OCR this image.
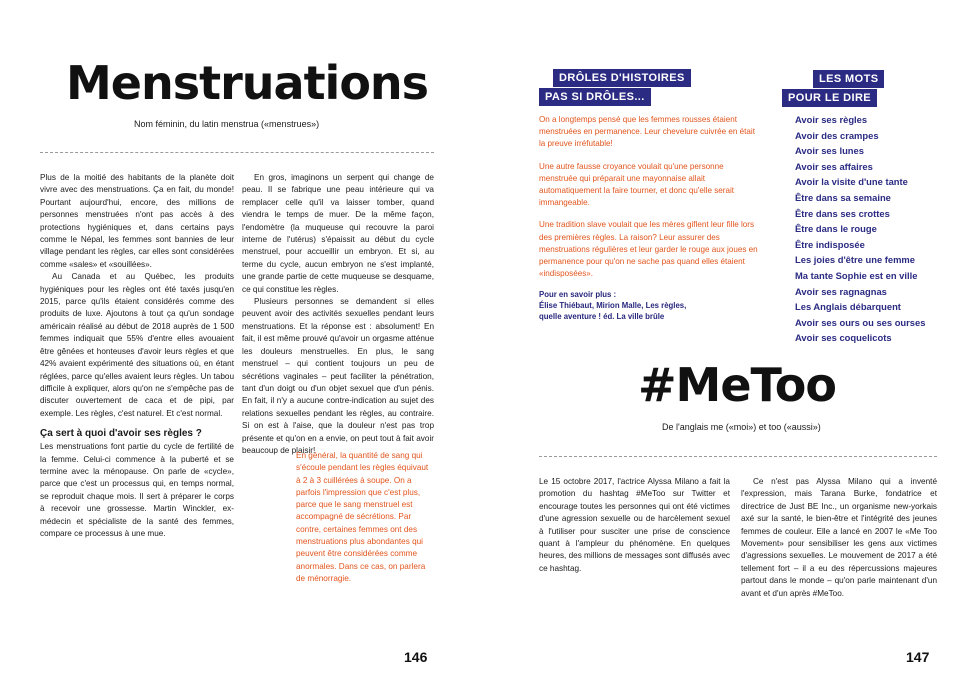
Menstruations
Nom féminin, du latin menstrua («menstrues»)

Plus de la moitié des habitants de la planète doit vivre avec des menstruations. Ça en fait, du monde! Pourtant aujourd'hui, encore, des millions de personnes menstruées n'ont pas accès à des protections hygiéniques et, dans certains pays comme le Népal, les femmes sont bannies de leur village pendant les règles, car elles sont considérées comme «sales» et «souillées».

Au Canada et au Québec, les produits hygiéniques pour les règles ont été taxés jusqu'en 2015, parce qu'ils étaient considérés comme des produits de luxe. Ajoutons à tout ça qu'un sondage américain réalisé au début de 2018 auprès de 1 500 femmes indiquait que 55% d'entre elles avouaient être gênées et honteuses d'avoir leurs règles et que 42% avaient expérimenté des situations où, en étant réglées, parce qu'elles avaient leurs règles. Un tabou difficile à expliquer, alors qu'on ne s'empêche pas de discuter ouvertement de caca et de pipi, par exemple. Les règles, c'est naturel. Et c'est normal.

Ça sert à quoi d'avoir ses règles ?

Les menstruations font partie du cycle de fertilité de la femme. Celui-ci commence à la puberté et se termine avec la ménopause. On parle de «cycle», parce que c'est un processus qui, en temps normal, se reproduit chaque mois. Il sert à préparer le corps à recevoir une grossesse. Martin Winckler, ex-médecin et spécialiste de la santé des femmes, compare ce processus à une mue.

En gros, imaginons un serpent qui change de peau. Il se fabrique une peau intérieure qui va remplacer celle qu'il va laisser tomber, quand viendra le temps de muer. De la même façon, l'endomètre (la muqueuse qui recouvre la paroi interne de l'utérus) s'épaissit au début du cycle menstruel, pour accueillir un embryon. Et si, au terme du cycle, aucun embryon ne s'est implanté, une grande partie de cette muqueuse se desquame, ce qui constitue les règles.

Plusieurs personnes se demandent si elles peuvent avoir des activités sexuelles pendant leurs menstruations. Et la réponse est : absolument! En fait, il est même prouvé qu'avoir un orgasme atténue les douleurs menstruelles. En plus, le sang menstruel – qui contient toujours un peu de sécrétions vaginales – peut faciliter la pénétration, tant d'un doigt ou d'un objet sexuel que d'un pénis. En fait, il n'y a aucune contre-indication au sujet des relations sexuelles pendant les règles, au contraire. Si on est à l'aise, que la douleur n'est pas trop présente et qu'on en a envie, on peut tout à fait avoir beaucoup de plaisir!

En général, la quantité de sang qui s'écoule pendant les règles équivaut à 2 à 3 cuillérées à soupe. On a parfois l'impression que c'est plus, parce que le sang menstruel est accompagné de sécrétions. Par contre, certaines femmes ont des menstruations plus abondantes qui peuvent être considérées comme anormales. Dans ce cas, on parlera de ménorragie.
146
DRÔLES D'HISTOIRES
PAS SI DRÔLES...

On a longtemps pensé que les femmes rousses étaient menstruées en permanence. Leur chevelure cuivrée en était la preuve irréfutable!

Une autre fausse croyance voulait qu'une personne menstruée qui préparait une mayonnaise allait automatiquement la faire tourner, et donc qu'elle serait immangeable.

Une tradition slave voulait que les mères giflent leur fille lors des premières règles. La raison? Leur assurer des menstruations régulières et leur garder le rouge aux joues en permanence pour qu'on ne sache pas quand elles étaient «indisposées».

Pour en savoir plus :
Élise Thiébaut, Mirion Malle, Les règles,
quelle aventure ! éd. La ville brûle
LES MOTS
POUR LE DIRE
Avoir ses règles
Avoir des crampes
Avoir ses lunes
Avoir ses affaires
Avoir la visite d'une tante
Être dans sa semaine
Être dans ses crottes
Être dans le rouge
Être indisposée
Les joies d'être une femme
Ma tante Sophie est en ville
Avoir ses ragnagnas
Les Anglais débarquent
Avoir ses ours ou ses ourses
Avoir ses coquelicots
#MeToo
De l'anglais me («moi») et too («aussi»)

Le 15 octobre 2017, l'actrice Alyssa Milano a fait la promotion du hashtag #MeToo sur Twitter et encourage toutes les personnes qui ont été victimes d'une agression sexuelle ou de harcèlement sexuel à l'utiliser pour susciter une prise de conscience quant à l'ampleur du phénomène. En quelques heures, des millions de messages sont diffusés avec ce hashtag.

Ce n'est pas Alyssa Milano qui a inventé l'expression, mais Tarana Burke, fondatrice et directrice de Just BE Inc., un organisme new-yorkais axé sur la santé, le bien-être et l'intégrité des jeunes femmes de couleur. Elle a lancé en 2007 le «Me Too Movement» pour sensibiliser les gens aux victimes d'agressions sexuelles. Le mouvement de 2017 a été tellement fort – il a eu des répercussions majeures partout dans le monde – qu'on parle maintenant d'un avant et d'un après #MeToo.

147
